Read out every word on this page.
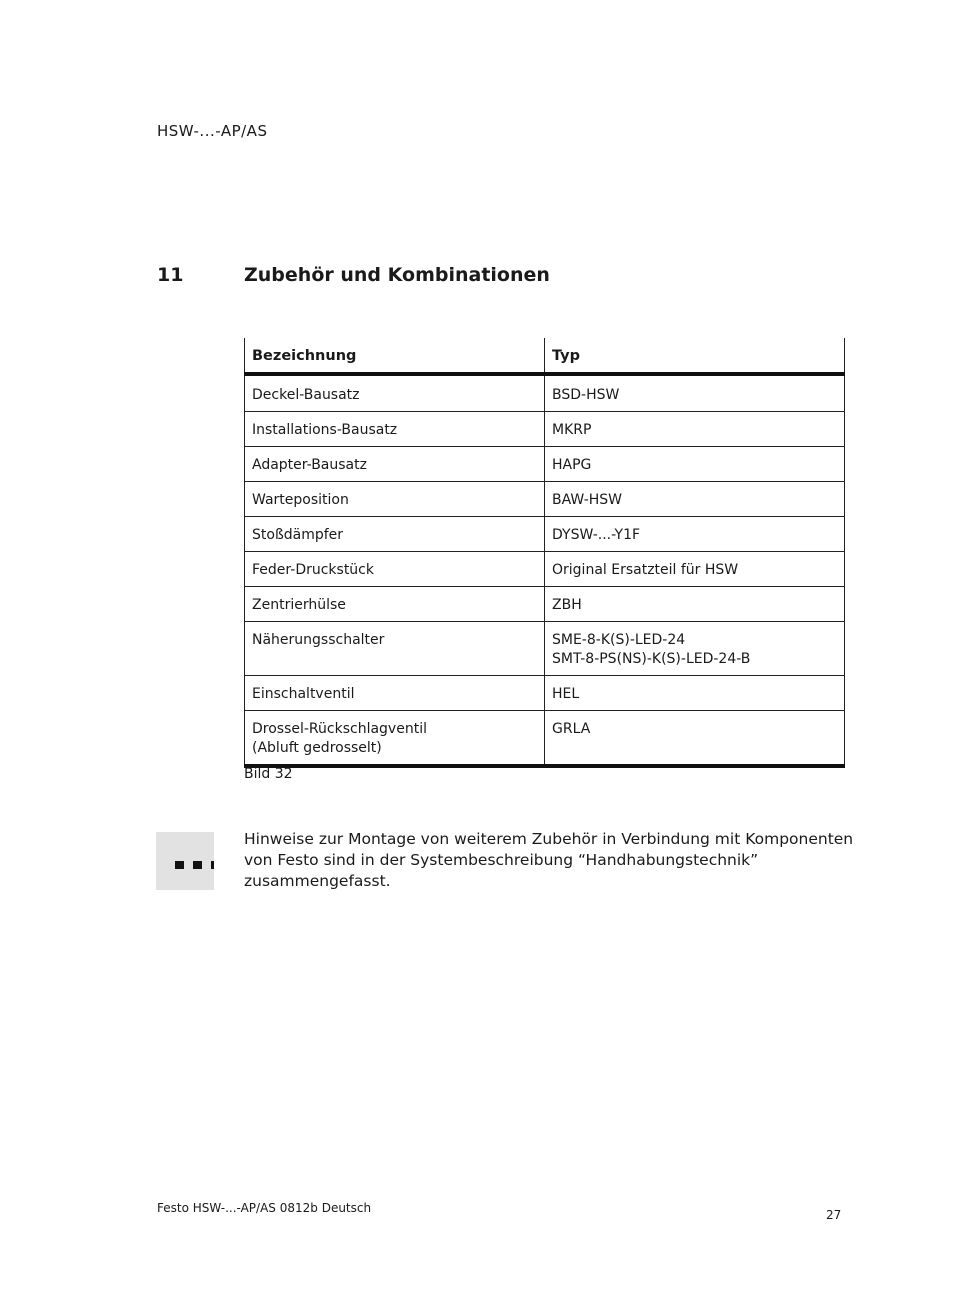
HSW-...-AP/AS
11	Zubehör und Kombinationen
Bezeichnung	Typ

Deckel-Bausatz	BSD-HSW

Installations-Bausatz	MKRP

Adapter-Bausatz	HAPG

Warteposition	BAW-HSW

Stoßdämpfer	DYSW-...-Y1F

Feder-Druckstück	Original Ersatzteil für HSW

Zentrierhülse	ZBH

Näherungsschalter	SME-8-K(S)-LED-24
SMT-8-PS(NS)-K(S)-LED-24-B

Einschaltventil	HEL

Drossel-Rückschlagventil
(Abluft gedrosselt)	GRLA
Bild 32
Hinweise zur Montage von weiterem Zubehör in Verbindung mit Komponenten von Festo sind in der Systembeschreibung “Handhabungstechnik” zusammengefasst.
Festo HSW-...-AP/AS 0812b Deutsch	27
